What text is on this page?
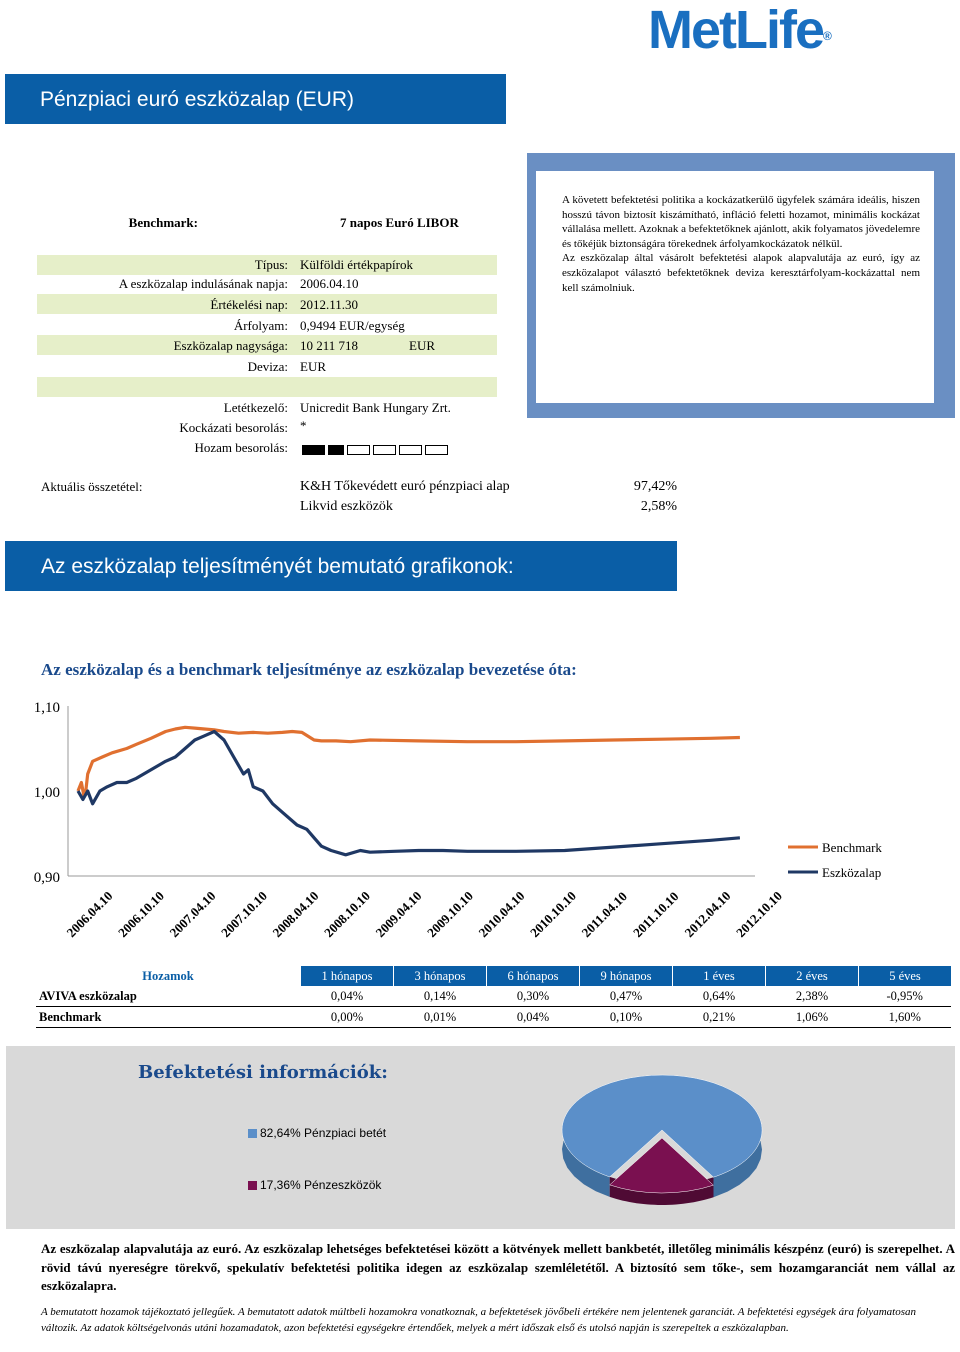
MetLife®
Pénzpiaci euró eszközalap (EUR)
Benchmark:	7 napos Euró LIBOR
Típus: Külföldi értékpapírok
A eszközalap indulásának napja: 2006.04.10
Értékelési nap: 2012.11.30
Árfolyam: 0,9494 EUR/egység
Eszközalap nagysága: 10 211 718	EUR
Deviza: EUR
Letétkezelő: Unicredit Bank Hungary Zrt.
Kockázati besorolás: *
Hozam besorolás:

A követett befektetési politika a kockázatkerülő ügyfelek számára ideális, hiszen hosszú távon biztosít kiszámítható, infláció feletti hozamot, minimális kockázat vállalása mellett. Azoknak a befektetőknek ajánlott, akik folyamatos jövedelemre és tőkéjük biztonságára törekednek árfolyamkockázatok nélkül.

Az eszközalap által vásárolt befektetési alapok alapvalutája az euró, így az eszközalapot választó befektetőknek deviza keresztárfolyam-kockázattal nem kell számolniuk.

Aktuális összetétel:	K&H Tőkevédett euró pénzpiaci alap	97,42%
Likvid eszközök	2,58%
Az eszközalap teljesítményét bemutató grafikonok:
Az eszközalap és a benchmark teljesítménye az eszközalap bevezetése óta:
1,10
1,00
0,90
2006.04.10 2006.10.10 2007.04.10 2007.10.10 2008.04.10 2008.10.10 2009.04.10 2009.10.10 2010.04.10 2010.10.10 2011.04.10 2011.10.10 2012.04.10 2012.10.10
Benchmark
Eszközalap
Hozamok	1 hónapos	3 hónapos	6 hónapos	9 hónapos	1 éves	2 éves	5 éves
AVIVA eszközalap	0,04%	0,14%	0,30%	0,47%	0,64%	2,38%	-0,95%
Benchmark	0,00%	0,01%	0,04%	0,10%	0,21%	1,06%	1,60%
Befektetési információk:
82,64% Pénzpiaci betét
17,36% Pénzeszközök
Az eszközalap alapvalutája az euró. Az eszközalap lehetséges befektetései között a kötvények mellett bankbetét, illetőleg minimális készpénz (euró) is szerepelhet. A rövid távú nyereségre törekvő, spekulatív befektetési politika idegen az eszközalap szemléletétől. A biztosító sem tőke-, sem hozamgaranciát nem vállal az eszközalapra.
A bemutatott hozamok tájékoztató jellegűek. A bemutatott adatok múltbeli hozamokra vonatkoznak, a befektetések jövőbeli értékére nem jelentenek garanciát. A befektetési egységek ára folyamatosan változik. Az adatok költségelvonás utáni hozamadatok, azon befektetési egységekre értendőek, melyek a mért időszak első és utolsó napján is szerepeltek a eszközalapban.
